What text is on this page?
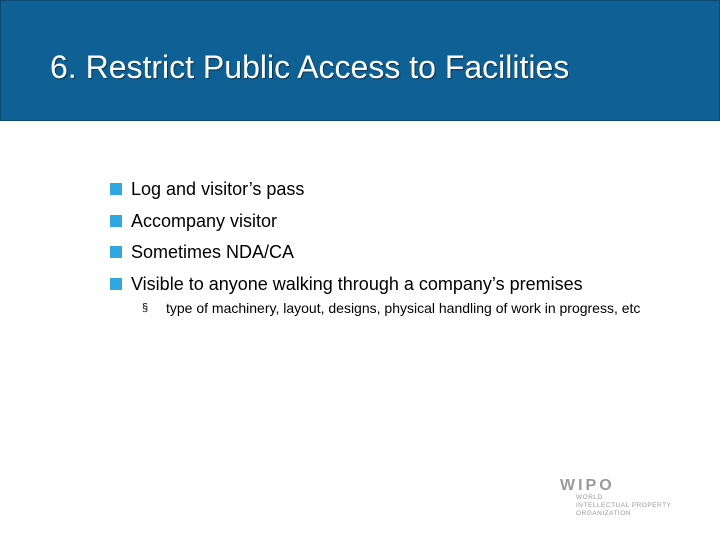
6. Restrict Public Access to Facilities
Log and visitor’s pass
Accompany visitor
Sometimes NDA/CA
Visible to anyone walking through a company’s premises
§ type of machinery, layout, designs, physical handling of work in progress, etc
WIPO
WORLD
INTELLECTUAL PROPERTY
ORGANIZATION
